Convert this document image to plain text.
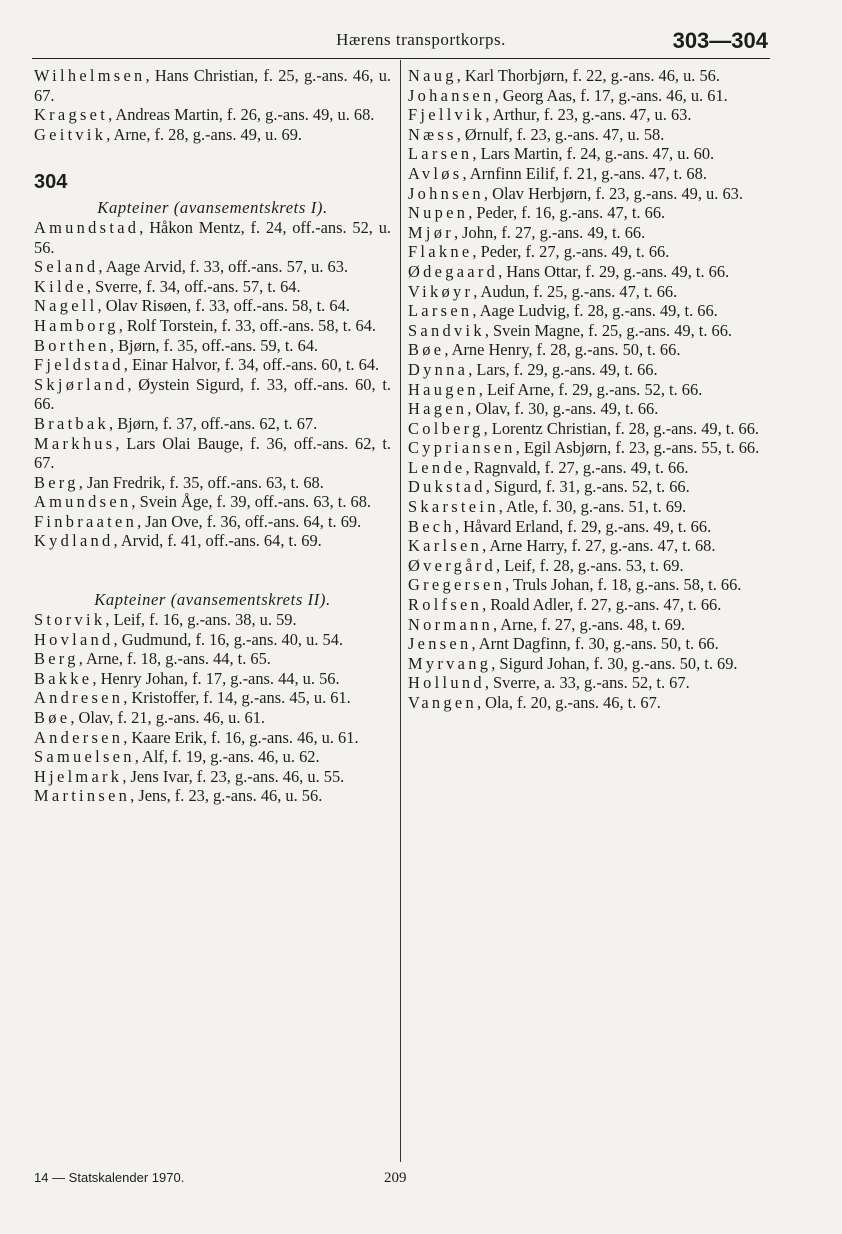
Hærens transportkorps.	303—304
Wilhelmsen, Hans Christian, f. 25, g.-ans. 46, u. 67.
Kragset, Andreas Martin, f. 26, g.-ans. 49, u. 68.
Geitvik, Arne, f. 28, g.-ans. 49, u. 69.
304
Kapteiner (avansementskrets I).
Amundstad, Håkon Mentz, f. 24, off.-ans. 52, u. 56.
Seland, Aage Arvid, f. 33, off.-ans. 57, u. 63.
Kilde, Sverre, f. 34, off.-ans. 57, t. 64.
Nagell, Olav Risøen, f. 33, off.-ans. 58, t. 64.
Hamborg, Rolf Torstein, f. 33, off.-ans. 58, t. 64.
Borthen, Bjørn, f. 35, off.-ans. 59, t. 64.
Fjeldstad, Einar Halvor, f. 34, off.-ans. 60, t. 64.
Skjørland, Øystein Sigurd, f. 33, off.-ans. 60, t. 66.
Bratbak, Bjørn, f. 37, off.-ans. 62, t. 67.
Markhus, Lars Olai Bauge, f. 36, off.-ans. 62, t. 67.
Berg, Jan Fredrik, f. 35, off.-ans. 63, t. 68.
Amundsen, Svein Åge, f. 39, off.-ans. 63, t. 68.
Finbraaten, Jan Ove, f. 36, off.-ans. 64, t. 69.
Kydland, Arvid, f. 41, off.-ans. 64, t. 69.
Kapteiner (avansementskrets II).
Storvik, Leif, f. 16, g.-ans. 38, u. 59.
Hovland, Gudmund, f. 16, g.-ans. 40, u. 54.
Berg, Arne, f. 18, g.-ans. 44, t. 65.
Bakke, Henry Johan, f. 17, g.-ans. 44, u. 56.
Andresen, Kristoffer, f. 14, g.-ans. 45, u. 61.
Bøe, Olav, f. 21, g.-ans. 46, u. 61.
Andersen, Kaare Erik, f. 16, g.-ans. 46, u. 61.
Samuelsen, Alf, f. 19, g.-ans. 46, u. 62.
Hjelmark, Jens Ivar, f. 23, g.-ans. 46, u. 55.
Martinsen, Jens, f. 23, g.-ans. 46, u. 56.
Naug, Karl Thorbjørn, f. 22, g.-ans. 46, u. 56.
Johansen, Georg Aas, f. 17, g.-ans. 46, u. 61.
Fjellvik, Arthur, f. 23, g.-ans. 47, u. 63.
Næss, Ørnulf, f. 23, g.-ans. 47, u. 58.
Larsen, Lars Martin, f. 24, g.-ans. 47, u. 60.
Avløs, Arnfinn Eilif, f. 21, g.-ans. 47, t. 68.
Johnsen, Olav Herbjørn, f. 23, g.-ans. 49, u. 63.
Nupen, Peder, f. 16, g.-ans. 47, t. 66.
Mjør, John, f. 27, g.-ans. 49, t. 66.
Flakne, Peder, f. 27, g.-ans. 49, t. 66.
Ødegaard, Hans Ottar, f. 29, g.-ans. 49, t. 66.
Vikøyr, Audun, f. 25, g.-ans. 47, t. 66.
Larsen, Aage Ludvig, f. 28, g.-ans. 49, t. 66.
Sandvik, Svein Magne, f. 25, g.-ans. 49, t. 66.
Bøe, Arne Henry, f. 28, g.-ans. 50, t. 66.
Dynna, Lars, f. 29, g.-ans. 49, t. 66.
Haugen, Leif Arne, f. 29, g.-ans. 52, t. 66.
Hagen, Olav, f. 30, g.-ans. 49, t. 66.
Colberg, Lorentz Christian, f. 28, g.-ans. 49, t. 66.
Cypriansen, Egil Asbjørn, f. 23, g.-ans. 55, t. 66.
Lende, Ragnvald, f. 27, g.-ans. 49, t. 66.
Dukstad, Sigurd, f. 31, g.-ans. 52, t. 66.
Skarstein, Atle, f. 30, g.-ans. 51, t. 69.
Bech, Håvard Erland, f. 29, g.-ans. 49, t. 66.
Karlsen, Arne Harry, f. 27, g.-ans. 47, t. 68.
Øvergård, Leif, f. 28, g.-ans. 53, t. 69.
Gregersen, Truls Johan, f. 18, g.-ans. 58, t. 66.
Rolfsen, Roald Adler, f. 27, g.-ans. 47, t. 66.
Normann, Arne, f. 27, g.-ans. 48, t. 69.
Jensen, Arnt Dagfinn, f. 30, g.-ans. 50, t. 66.
Myrvang, Sigurd Johan, f. 30, g.-ans. 50, t. 69.
Hollund, Sverre, a. 33, g.-ans. 52, t. 67.
Vangen, Ola, f. 20, g.-ans. 46, t. 67.
14 — Statskalender 1970.	209
